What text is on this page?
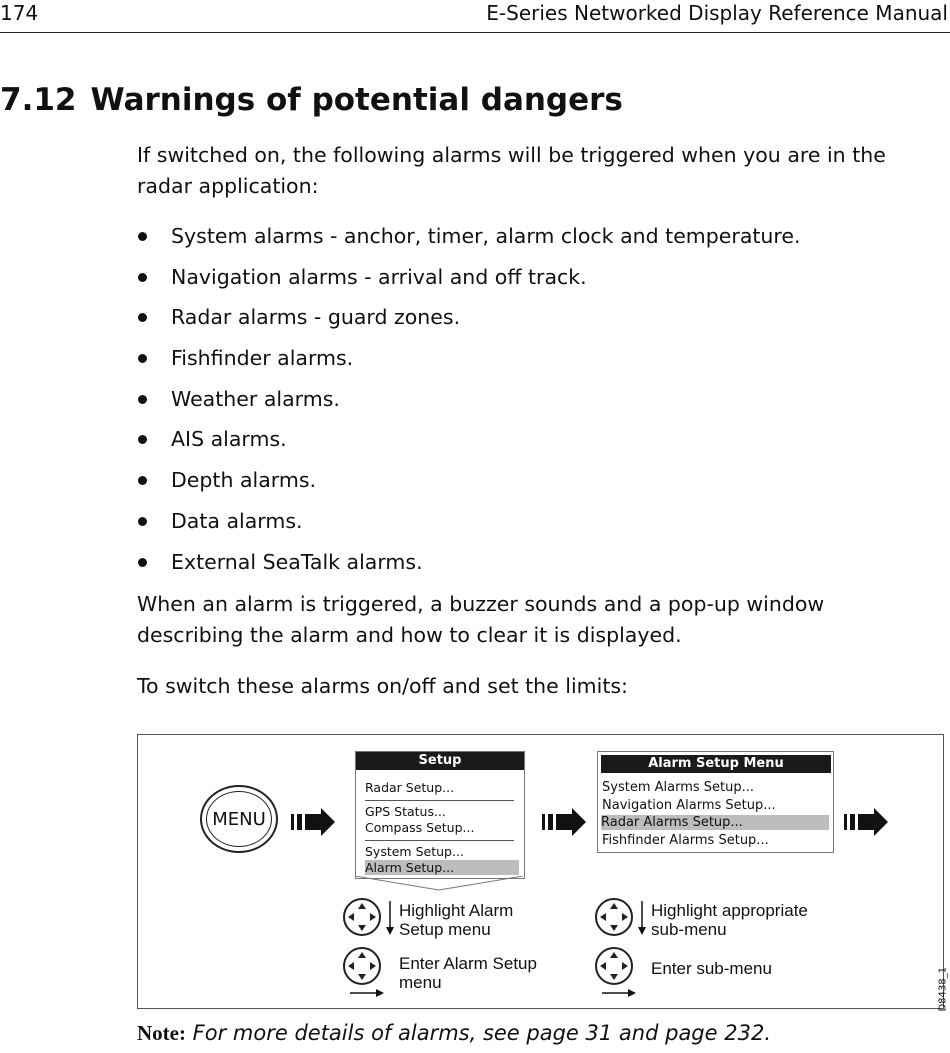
174	E-Series Networked Display Reference Manual
7.12 Warnings of potential dangers
If switched on, the following alarms will be triggered when you are in the radar application:
System alarms - anchor, timer, alarm clock and temperature.
Navigation alarms - arrival and off track.
Radar alarms - guard zones.
Fishfinder alarms.
Weather alarms.
AIS alarms.
Depth alarms.
Data alarms.
External SeaTalk alarms.
When an alarm is triggered, a buzzer sounds and a pop-up window describing the alarm and how to clear it is displayed.
To switch these alarms on/off and set the limits:
MENU
Setup
Radar Setup...
GPS Status...
Compass Setup...
System Setup...
Alarm Setup...
Alarm Setup Menu
System Alarms Setup...
Navigation Alarms Setup...
Radar Alarms Setup...
Fishfinder Alarms Setup...
Highlight Alarm Setup menu
Enter Alarm Setup menu
Highlight appropriate sub-menu
Enter sub-menu	D8438_1
Note: For more details of alarms, see page 31 and page 232.
